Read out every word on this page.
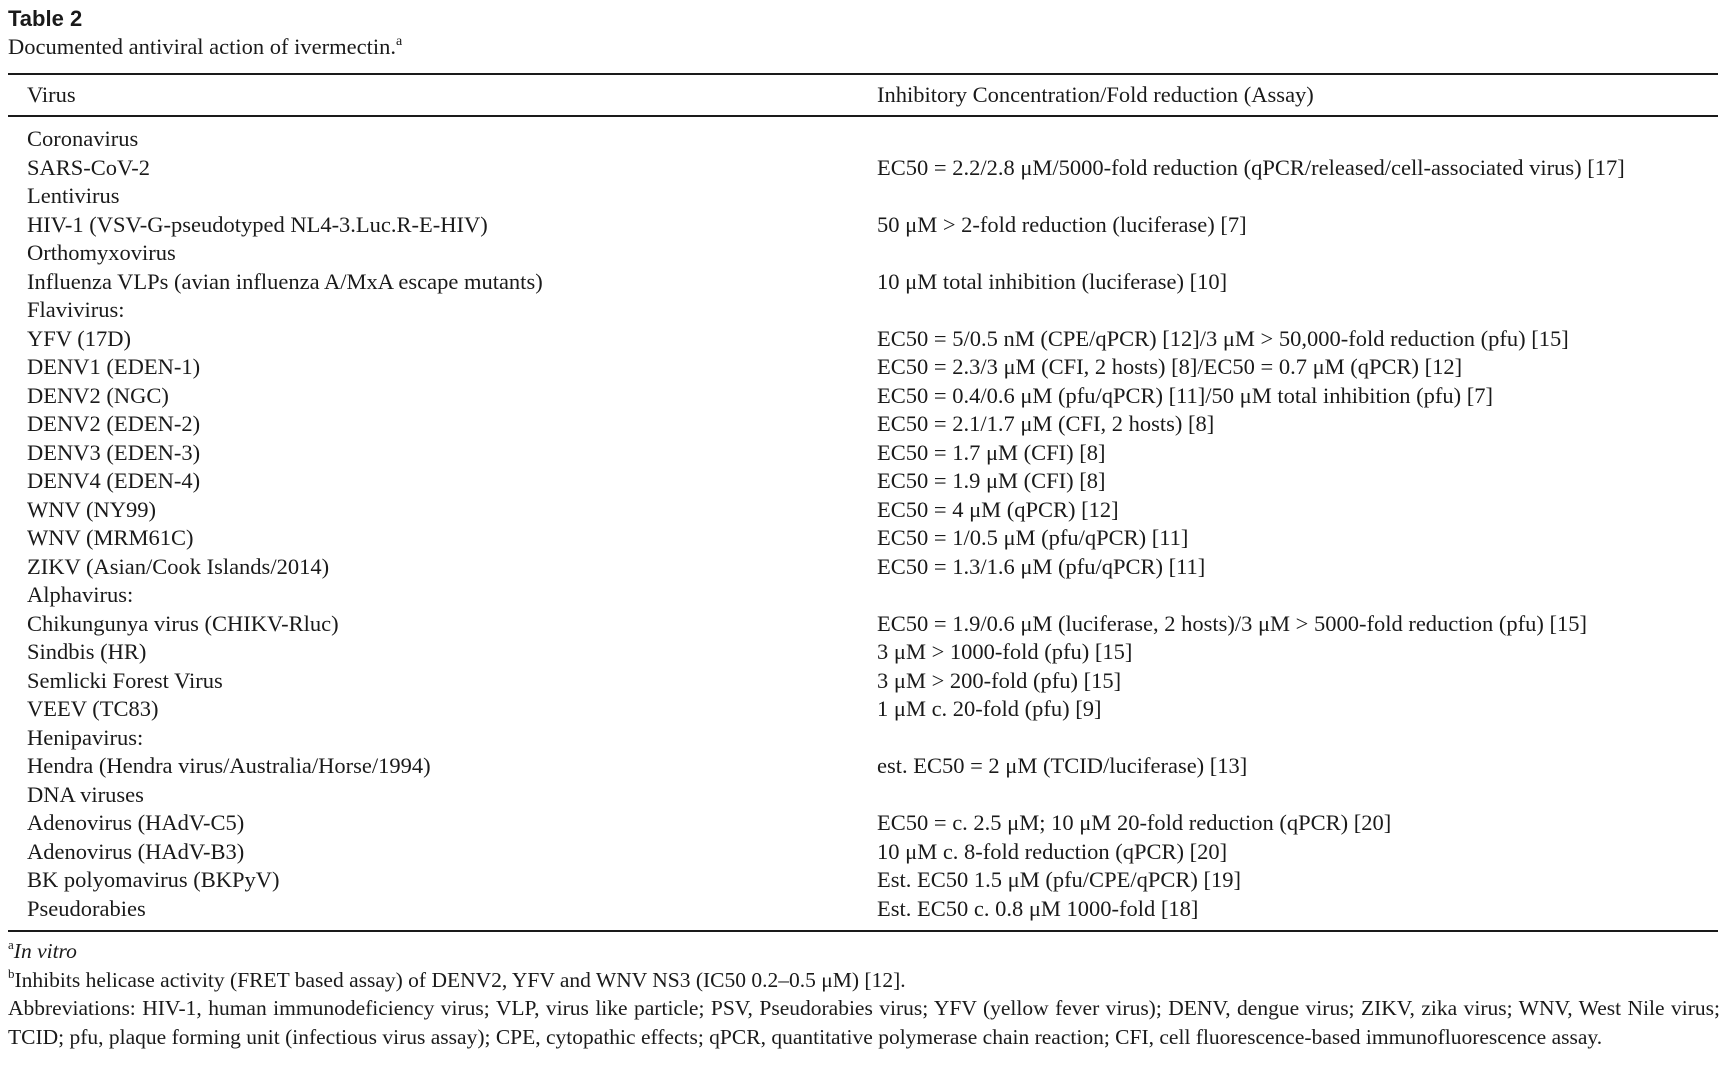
Table 2
Documented antiviral action of ivermectin.$^a$
Virus	Inhibitory Concentration/Fold reduction (Assay)
Coronavirus
SARS-CoV-2	EC50 = 2.2/2.8 μM/5000-fold reduction (qPCR/released/cell-associated virus) [17]
Lentivirus
HIV-1 (VSV-G-pseudotyped NL4-3.Luc.R-E-HIV)	50 μM > 2-fold reduction (luciferase) [7]
Orthomyxovirus
Influenza VLPs (avian influenza A/MxA escape mutants)	10 μM total inhibition (luciferase) [10]
Flavivirus:
YFV (17D)	EC50 = 5/0.5 nM (CPE/qPCR) [12]/3 μM > 50,000-fold reduction (pfu) [15]
DENV1 (EDEN-1)	EC50 = 2.3/3 μM (CFI, 2 hosts) [8]/EC50 = 0.7 μM (qPCR) [12]
DENV2 (NGC)	EC50 = 0.4/0.6 μM (pfu/qPCR) [11]/50 μM total inhibition (pfu) [7]
DENV2 (EDEN-2)	EC50 = 2.1/1.7 μM (CFI, 2 hosts) [8]
DENV3 (EDEN-3)	EC50 = 1.7 μM (CFI) [8]
DENV4 (EDEN-4)	EC50 = 1.9 μM (CFI) [8]
WNV (NY99)	EC50 = 4 μM (qPCR) [12]
WNV (MRM61C)	EC50 = 1/0.5 μM (pfu/qPCR) [11]
ZIKV (Asian/Cook Islands/2014)	EC50 = 1.3/1.6 μM (pfu/qPCR) [11]
Alphavirus:
Chikungunya virus (CHIKV-Rluc)	EC50 = 1.9/0.6 μM (luciferase, 2 hosts)/3 μM > 5000-fold reduction (pfu) [15]
Sindbis (HR)	3 μM > 1000-fold (pfu) [15]
Semlicki Forest Virus	3 μM > 200-fold (pfu) [15]
VEEV (TC83)	1 μM c. 20-fold (pfu) [9]
Henipavirus:
Hendra (Hendra virus/Australia/Horse/1994)	est. EC50 = 2 μM (TCID/luciferase) [13]
DNA viruses
Adenovirus (HAdV-C5)	EC50 = c. 2.5 μM; 10 μM 20-fold reduction (qPCR) [20]
Adenovirus (HAdV-B3)	10 μM c. 8-fold reduction (qPCR) [20]
BK polyomavirus (BKPyV)	Est. EC50 1.5 μM (pfu/CPE/qPCR) [19]
Pseudorabies	Est. EC50 c. 0.8 μM 1000-fold [18]
$^a$In vitro
$^b$Inhibits helicase activity (FRET based assay) of DENV2, YFV and WNV NS3 (IC50 0.2–0.5 μM) [12].
Abbreviations: HIV-1, human immunodeficiency virus; VLP, virus like particle; PSV, Pseudorabies virus; YFV (yellow fever virus); DENV, dengue virus; ZIKV, zika virus; WNV, West Nile virus; TCID; pfu, plaque forming unit (infectious virus assay); CPE, cytopathic effects; qPCR, quantitative polymerase chain reaction; CFI, cell fluorescence-based immunofluorescence assay.
